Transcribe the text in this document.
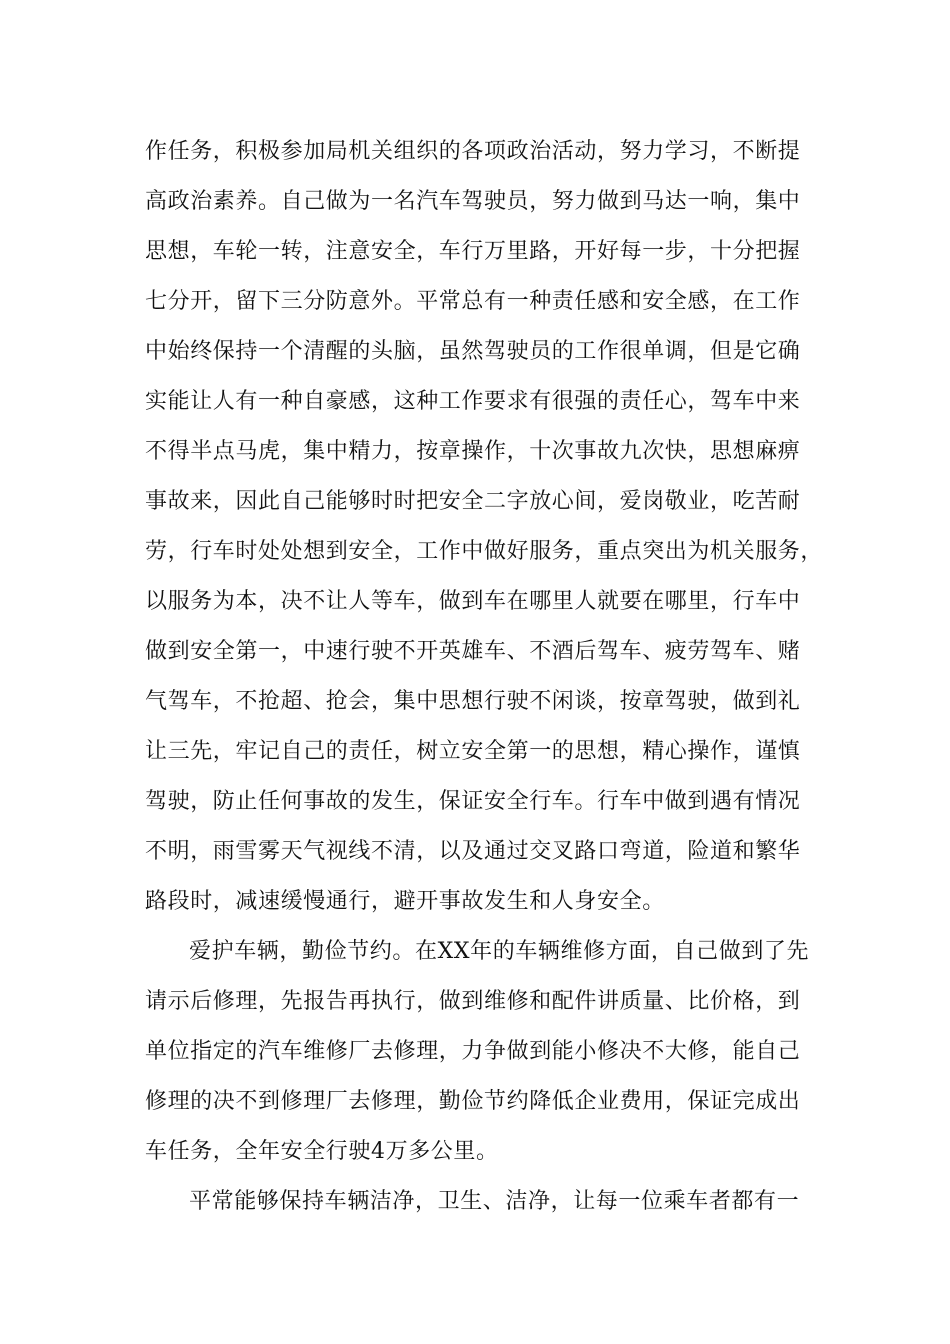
作任务，积极参加局机关组织的各项政治活动，努力学习，不断提
高政治素养。自己做为一名汽车驾驶员，努力做到马达一响，集中
思想，车轮一转，注意安全，车行万里路，开好每一步，十分把握
七分开，留下三分防意外。平常总有一种责任感和安全感，在工作
中始终保持一个清醒的头脑，虽然驾驶员的工作很单调，但是它确
实能让人有一种自豪感，这种工作要求有很强的责任心，驾车中来
不得半点马虎，集中精力，按章操作，十次事故九次快，思想麻痹
事故来，因此自己能够时时把安全二字放心间，爱岗敬业，吃苦耐
劳，行车时处处想到安全，工作中做好服务，重点突出为机关服务，
以服务为本，决不让人等车，做到车在哪里人就要在哪里，行车中
做到安全第一，中速行驶不开英雄车、不酒后驾车、疲劳驾车、赌
气驾车，不抢超、抢会，集中思想行驶不闲谈，按章驾驶，做到礼
让三先，牢记自己的责任，树立安全第一的思想，精心操作，谨慎
驾驶，防止任何事故的发生，保证安全行车。行车中做到遇有情况
不明，雨雪雾天气视线不清，以及通过交叉路口弯道，险道和繁华
路段时，减速缓慢通行，避开事故发生和人身安全。
爱护车辆，勤俭节约。在XX年的车辆维修方面，自己做到了先
请示后修理，先报告再执行，做到维修和配件讲质量、比价格，到
单位指定的汽车维修厂去修理，力争做到能小修决不大修，能自己
修理的决不到修理厂去修理，勤俭节约降低企业费用，保证完成出
车任务，全年安全行驶4万多公里。
平常能够保持车辆洁净，卫生、洁净，让每一位乘车者都有一
